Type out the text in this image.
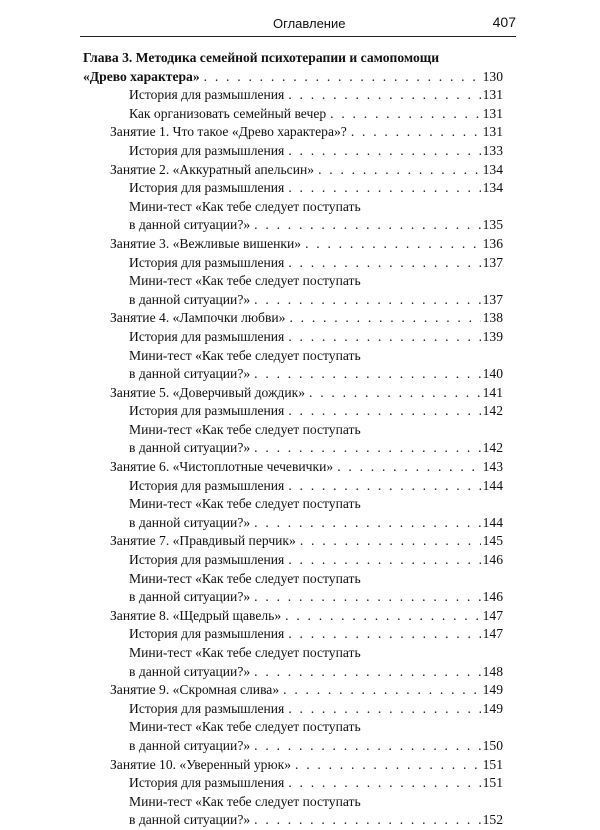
Оглавление	407
Глава 3. Методика семейной психотерапии и самопомощи
«Древо характера» . . .	130
История для размышления . . .	131
Как организовать семейный вечер . . .	131
Занятие 1. Что такое «Древо характера»? . . .	131
История для размышления . . .	133
Занятие 2. «Аккуратный апельсин» . . .	134
История для размышления . . .	134
Мини-тест «Как тебе следует поступать
в данной ситуации?» . . .	135
Занятие 3. «Вежливые вишенки» . . .	136
История для размышления . . .	137
Мини-тест «Как тебе следует поступать
в данной ситуации?» . . .	137
Занятие 4. «Лампочки любви» . . .	138
История для размышления . . .	139
Мини-тест «Как тебе следует поступать
в данной ситуации?» . . .	140
Занятие 5. «Доверчивый дождик» . . .	141
История для размышления . . .	142
Мини-тест «Как тебе следует поступать
в данной ситуации?» . . .	142
Занятие 6. «Чистоплотные чечевички» . . .	143
История для размышления . . .	144
Мини-тест «Как тебе следует поступать
в данной ситуации?» . . .	144
Занятие 7. «Правдивый перчик» . . .	145
История для размышления . . .	146
Мини-тест «Как тебе следует поступать
в данной ситуации?» . . .	146
Занятие 8. «Щедрый щавель» . . .	147
История для размышления . . .	147
Мини-тест «Как тебе следует поступать
в данной ситуации?» . . .	148
Занятие 9. «Скромная слива» . . .	149
История для размышления . . .	149
Мини-тест «Как тебе следует поступать
в данной ситуации?» . . .	150
Занятие 10. «Уверенный урюк» . . .	151
История для размышления . . .	151
Мини-тест «Как тебе следует поступать
в данной ситуации?» . . .	152
